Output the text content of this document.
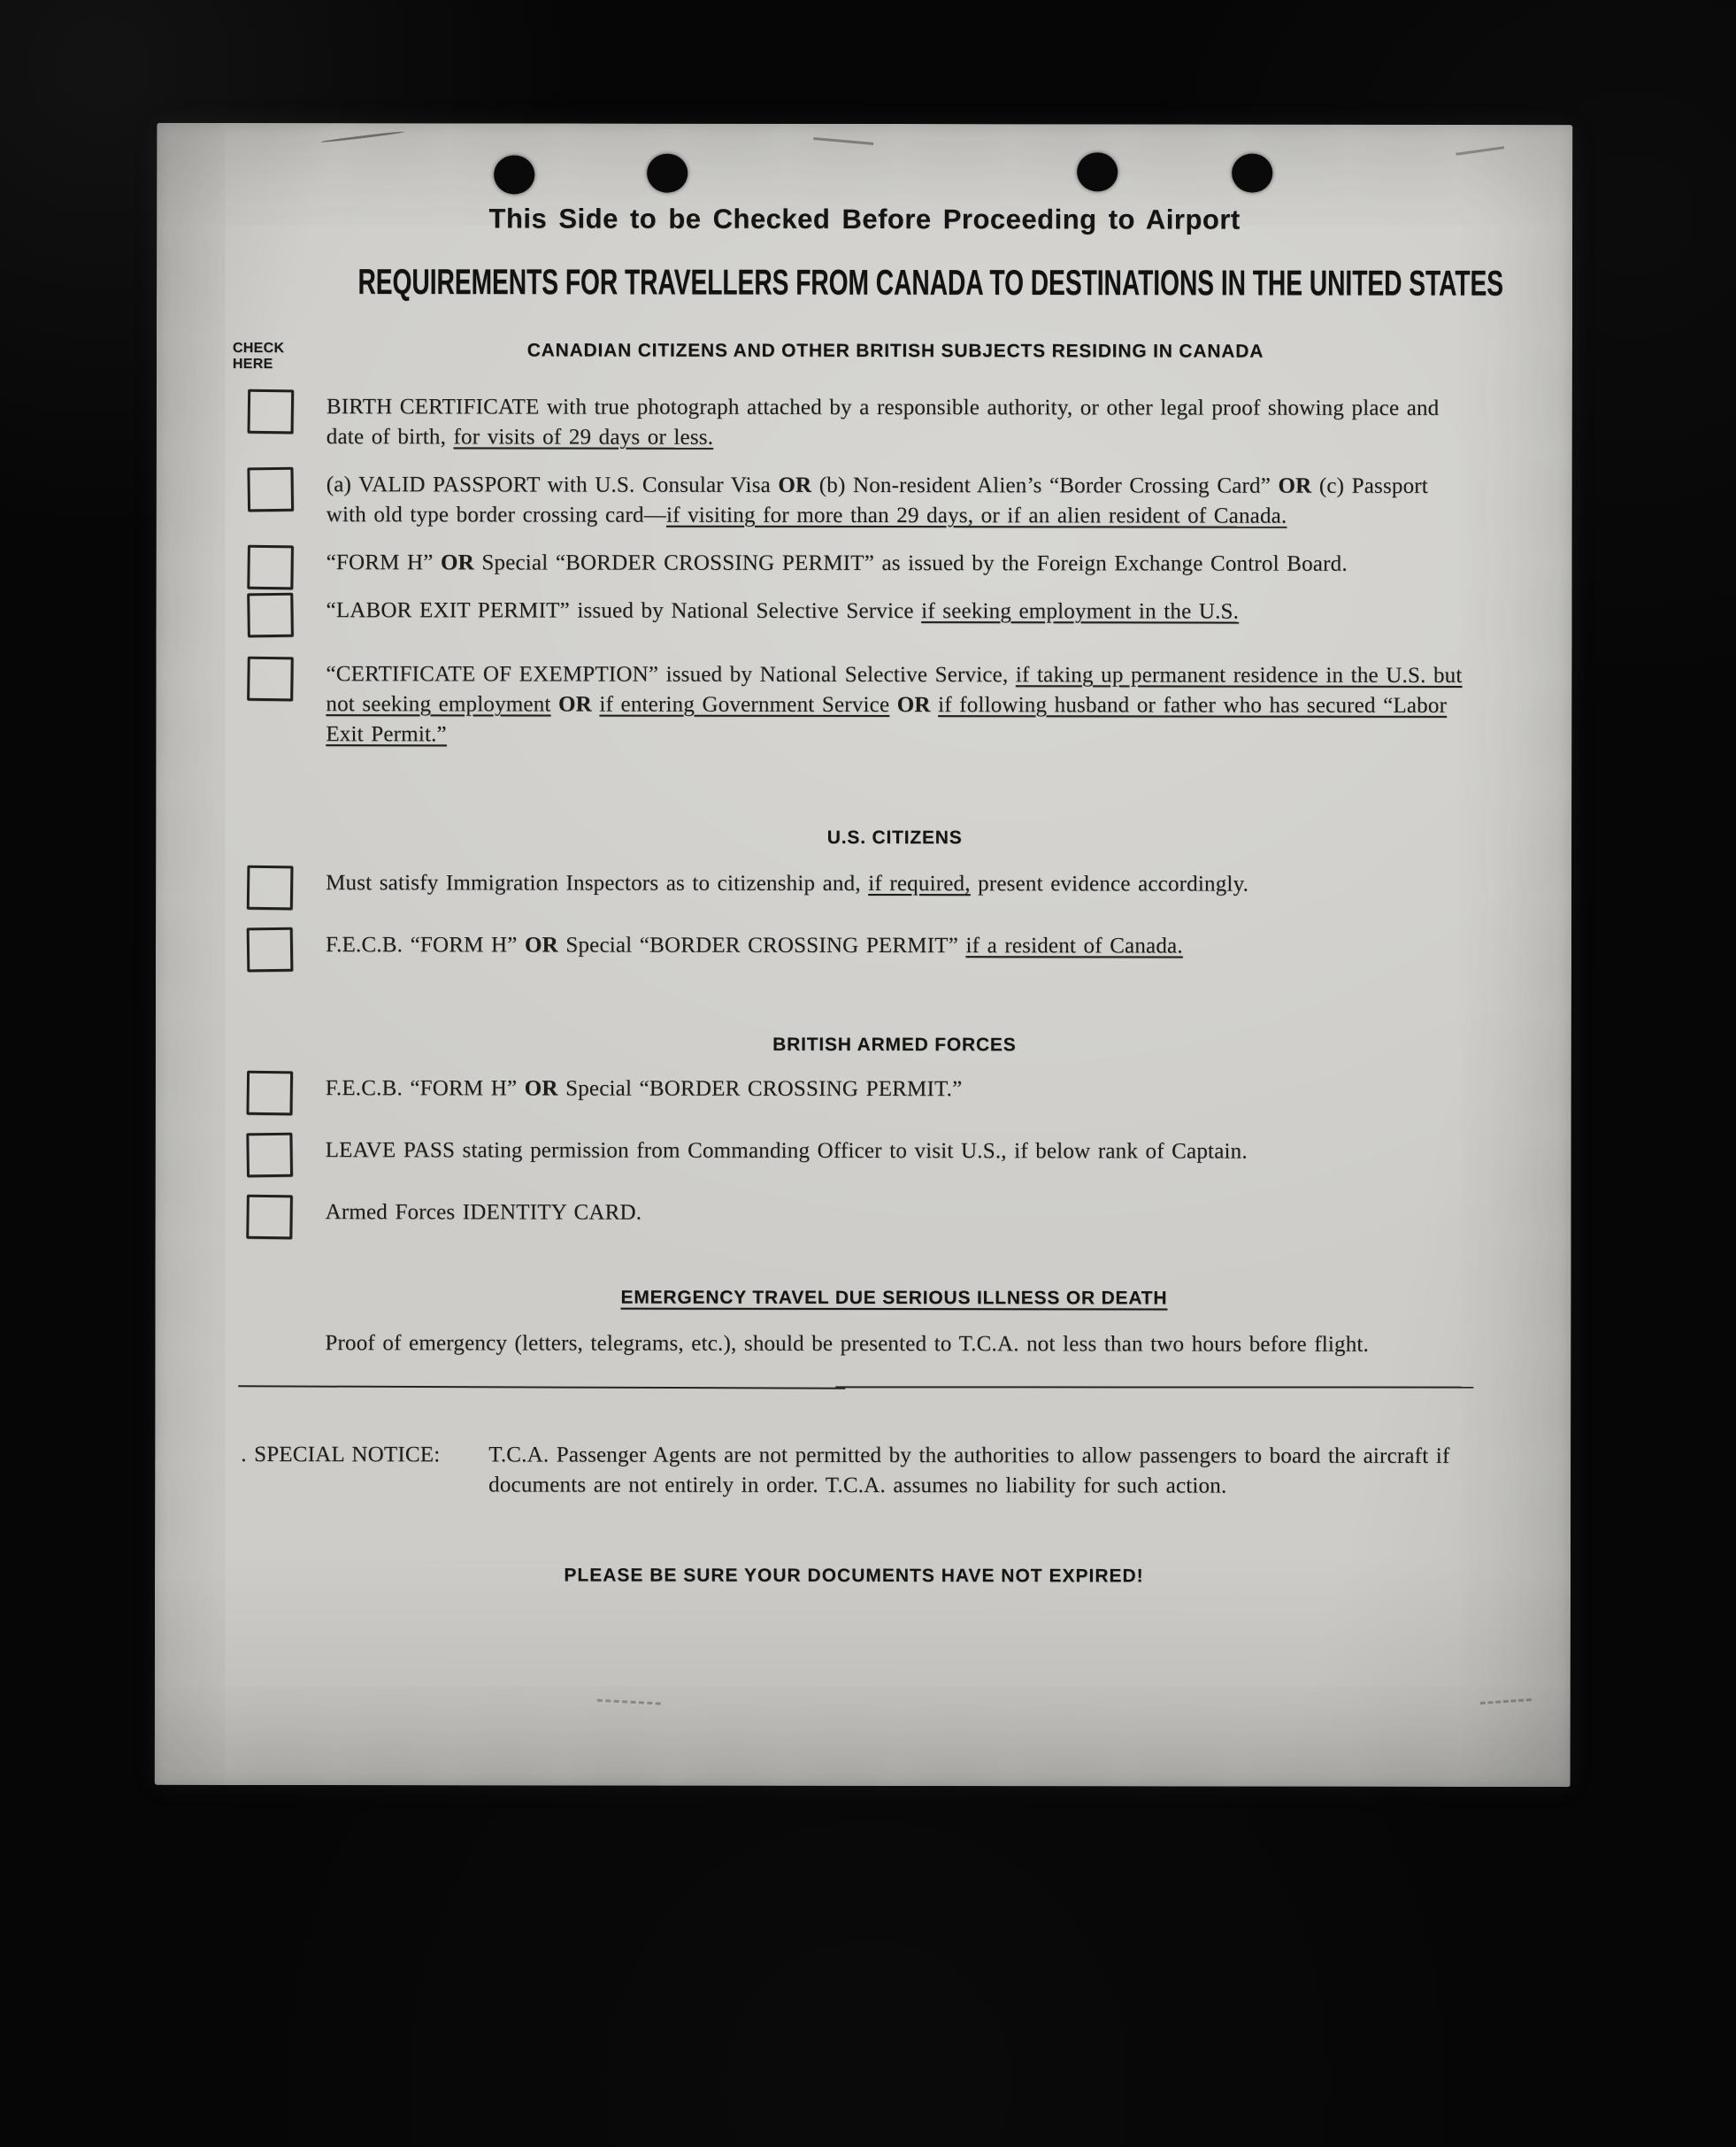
This Side to be Checked Before Proceeding to Airport
REQUIREMENTS FOR TRAVELLERS FROM CANADA TO DESTINATIONS IN THE UNITED STATES
CHECK
HERE
CANADIAN CITIZENS AND OTHER BRITISH SUBJECTS RESIDING IN CANADA

BIRTH CERTIFICATE with true photograph attached by a responsible authority, or other legal proof showing place and date of birth, for visits of 29 days or less.

(a) VALID PASSPORT with U.S. Consular Visa OR (b) Non-resident Alien’s “Border Crossing Card” OR (c) Passport with old type border crossing card—if visiting for more than 29 days, or if an alien resident of Canada.

“FORM H” OR Special “BORDER CROSSING PERMIT” as issued by the Foreign Exchange Control Board.

“LABOR EXIT PERMIT” issued by National Selective Service if seeking employment in the U.S.

“CERTIFICATE OF EXEMPTION” issued by National Selective Service, if taking up permanent residence in the U.S. but not seeking employment OR if entering Government Service OR if following husband or father who has secured “Labor Exit Permit.”

U.S. CITIZENS

Must satisfy Immigration Inspectors as to citizenship and, if required, present evidence accordingly.

F.E.C.B. “FORM H” OR Special “BORDER CROSSING PERMIT” if a resident of Canada.

BRITISH ARMED FORCES

F.E.C.B. “FORM H” OR Special “BORDER CROSSING PERMIT.”

LEAVE PASS stating permission from Commanding Officer to visit U.S., if below rank of Captain.

Armed Forces IDENTITY CARD.

EMERGENCY TRAVEL DUE SERIOUS ILLNESS OR DEATH

Proof of emergency (letters, telegrams, etc.), should be presented to T.C.A. not less than two hours before flight.

. SPECIAL NOTICE:	T.C.A. Passenger Agents are not permitted by the authorities to allow passengers to board the aircraft if documents are not entirely in order. T.C.A. assumes no liability for such action.

PLEASE BE SURE YOUR DOCUMENTS HAVE NOT EXPIRED!
